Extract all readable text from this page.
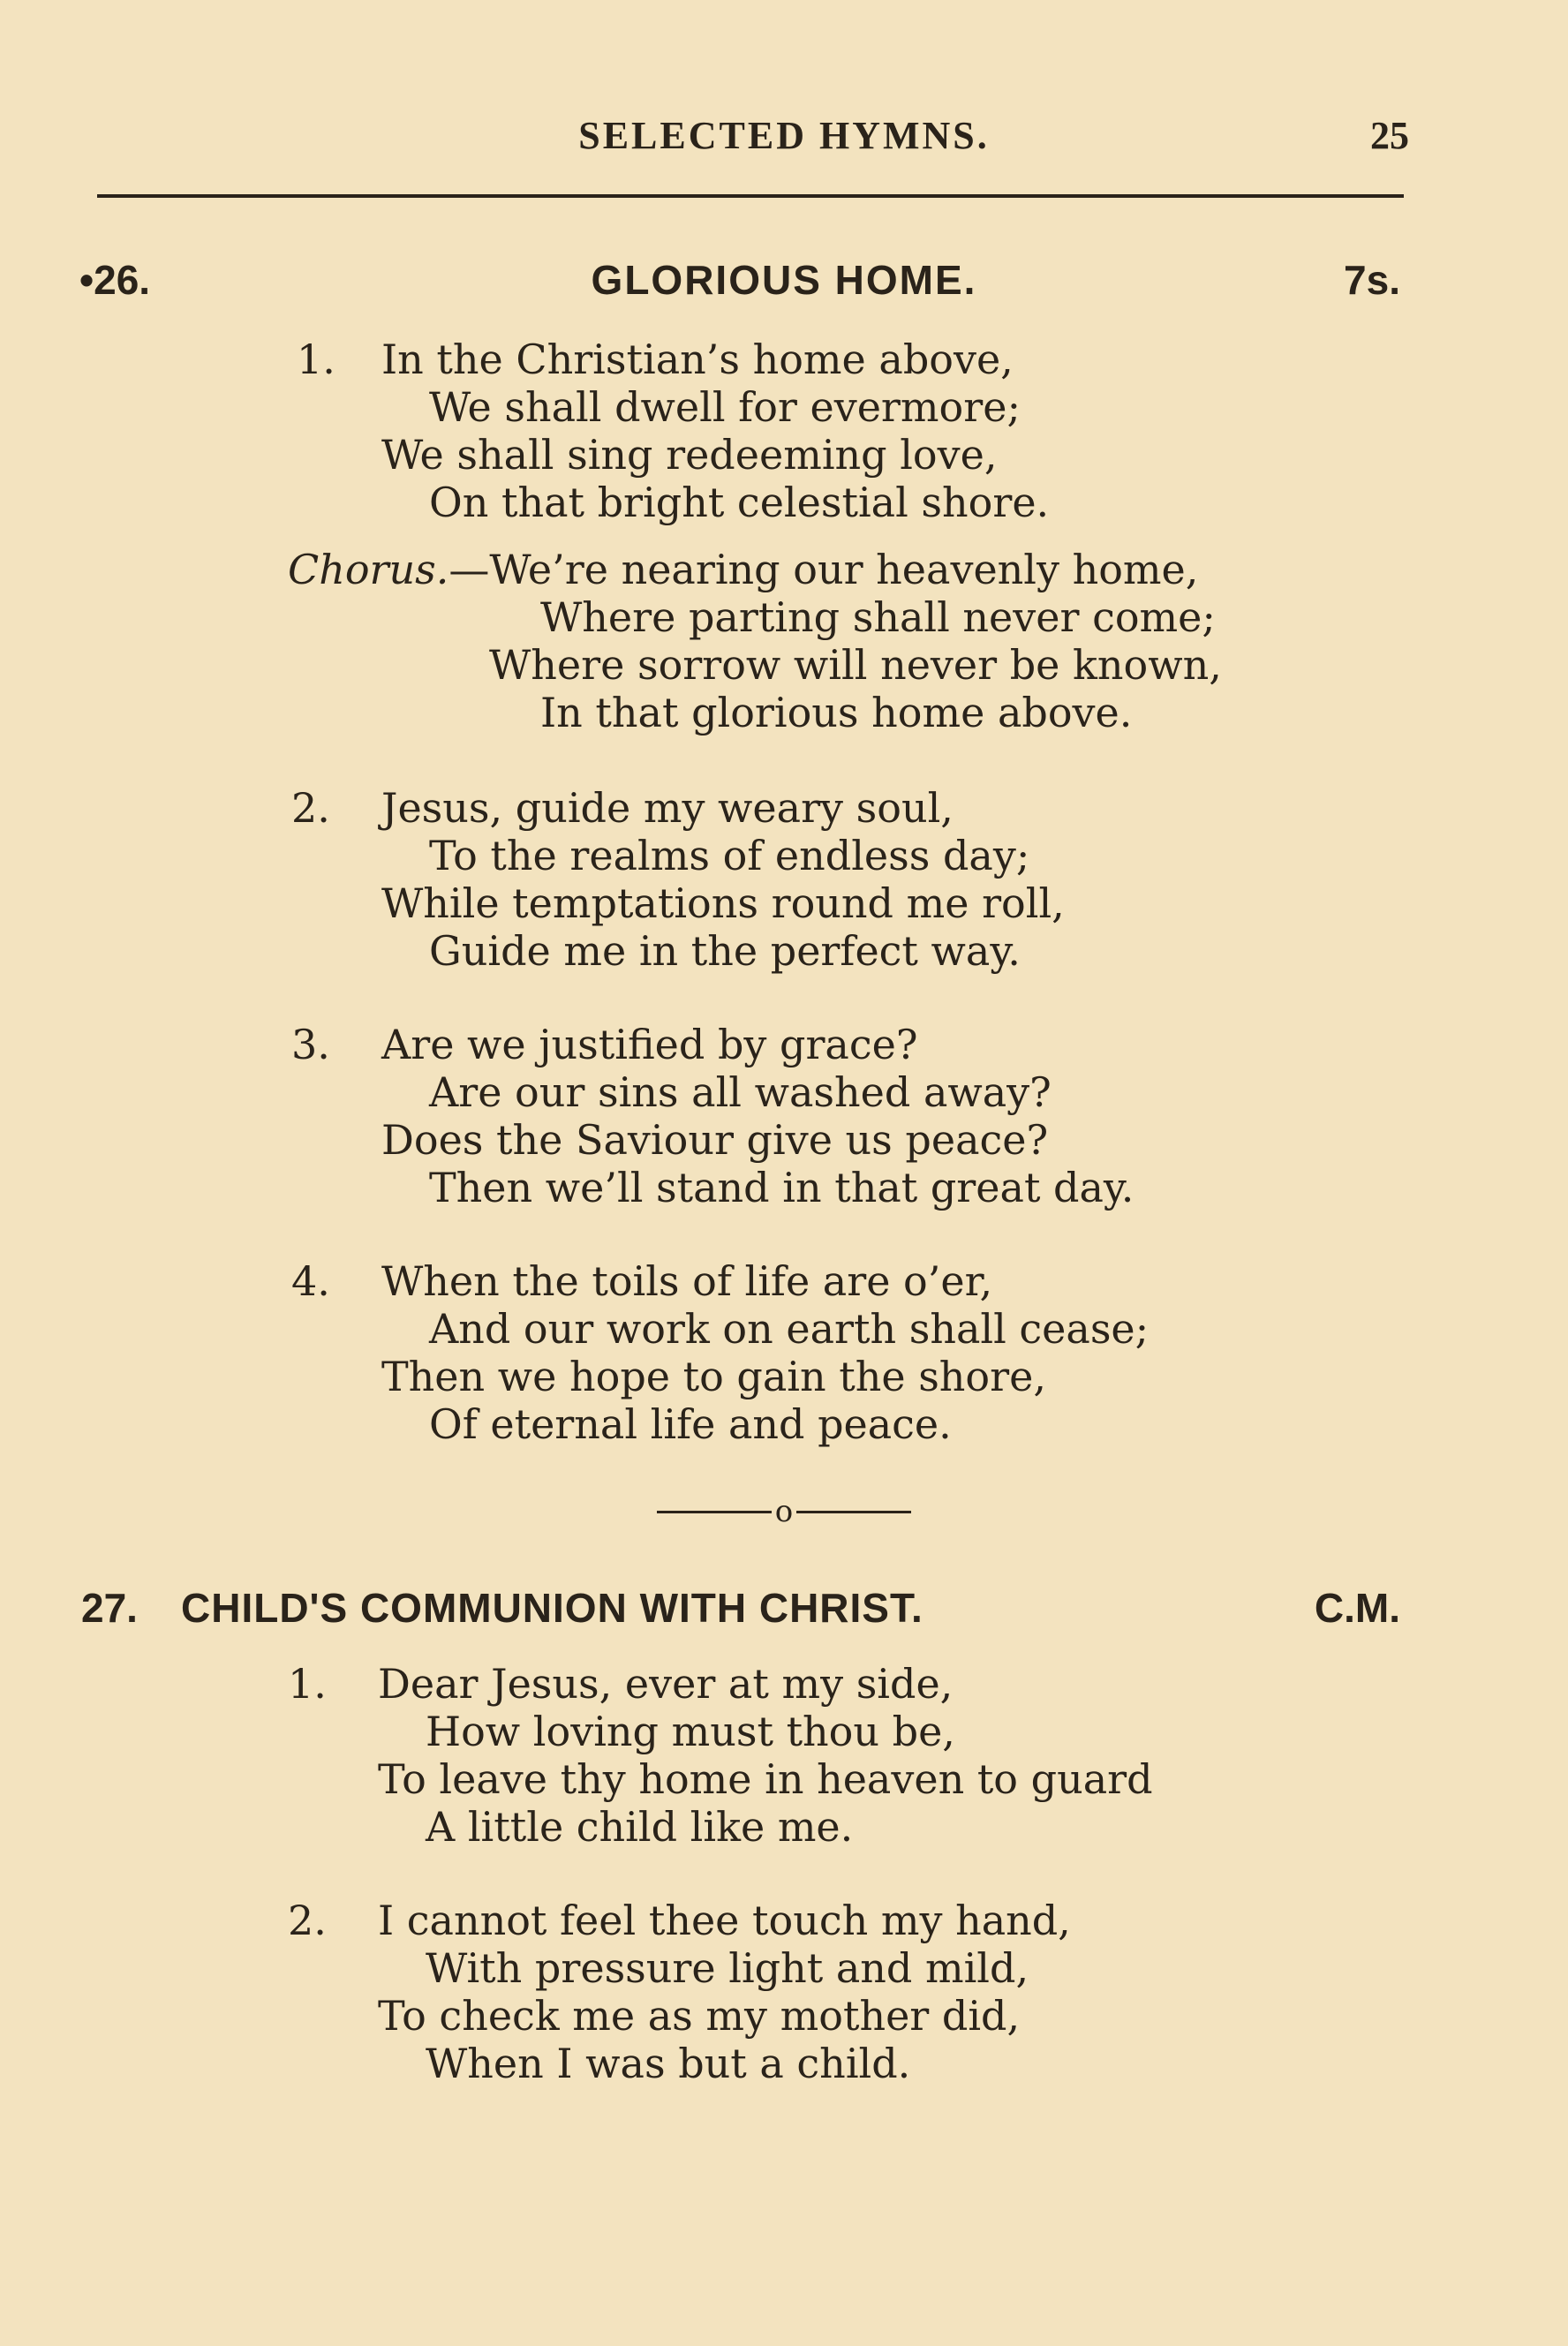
SELECTED HYMNS.	25
•26.	GLORIOUS HOME.	7s.
1. In the Christian’s home above,
We shall dwell for evermore;
We shall sing redeeming love,
On that bright celestial shore.
Chorus.—We’re nearing our heavenly home,
Where parting shall never come;
Where sorrow will never be known,
In that glorious home above.
2. Jesus, guide my weary soul,
To the realms of endless day;
While temptations round me roll,
Guide me in the perfect way.
3. Are we justified by grace?
Are our sins all washed away?
Does the Saviour give us peace?
Then we’ll stand in that great day.
4. When the toils of life are o’er,
And our work on earth shall cease;
Then we hope to gain the shore,
Of eternal life and peace.
o
27. CHILD'S COMMUNION WITH CHRIST.	C.M.
1. Dear Jesus, ever at my side,
How loving must thou be,
To leave thy home in heaven to guard
A little child like me.
2. I cannot feel thee touch my hand,
With pressure light and mild,
To check me as my mother did,
When I was but a child.
